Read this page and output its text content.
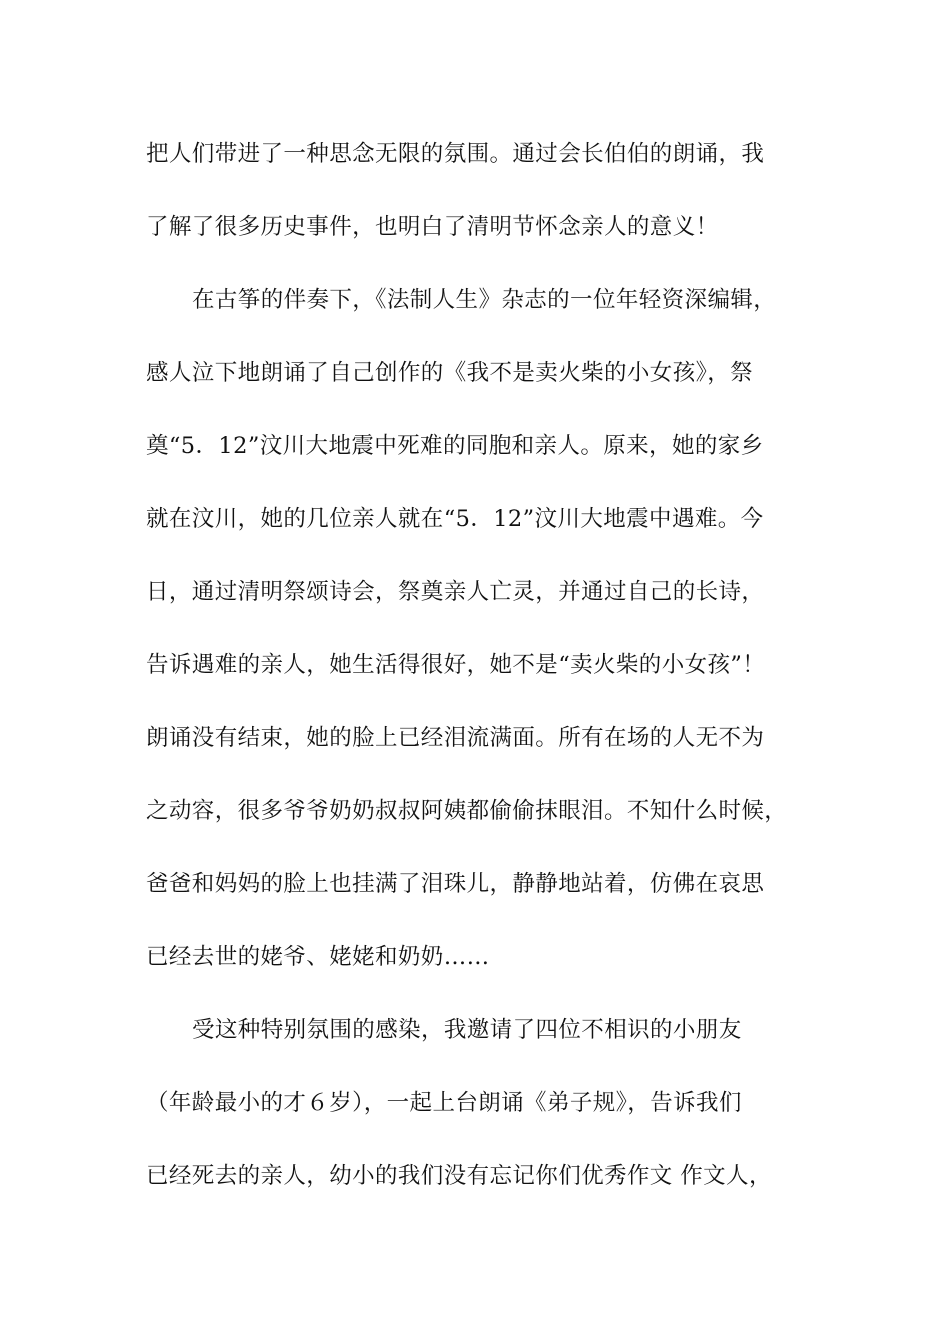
把人们带进了一种思念无限的氛围。通过会长伯伯的朗诵，我
了解了很多历史事件，也明白了清明节怀念亲人的意义！
在古筝的伴奏下，《法制人生》杂志的一位年轻资深编辑，
感人泣下地朗诵了自己创作的《我不是卖火柴的小女孩》，祭
奠“5．12”汶川大地震中死难的同胞和亲人。原来，她的家乡
就在汶川，她的几位亲人就在“5．12”汶川大地震中遇难。今
日，通过清明祭颂诗会，祭奠亲人亡灵，并通过自己的长诗，
告诉遇难的亲人，她生活得很好，她不是“卖火柴的小女孩”！
朗诵没有结束，她的脸上已经泪流满面。所有在场的人无不为
之动容，很多爷爷奶奶叔叔阿姨都偷偷抹眼泪。不知什么时候，
爸爸和妈妈的脸上也挂满了泪珠儿，静静地站着，仿佛在哀思
已经去世的姥爷、姥姥和奶奶……
受这种特别氛围的感染，我邀请了四位不相识的小朋友
（年龄最小的才６岁），一起上台朗诵《弟子规》，告诉我们
已经死去的亲人，幼小的我们没有忘记你们优秀作文 作文人，
